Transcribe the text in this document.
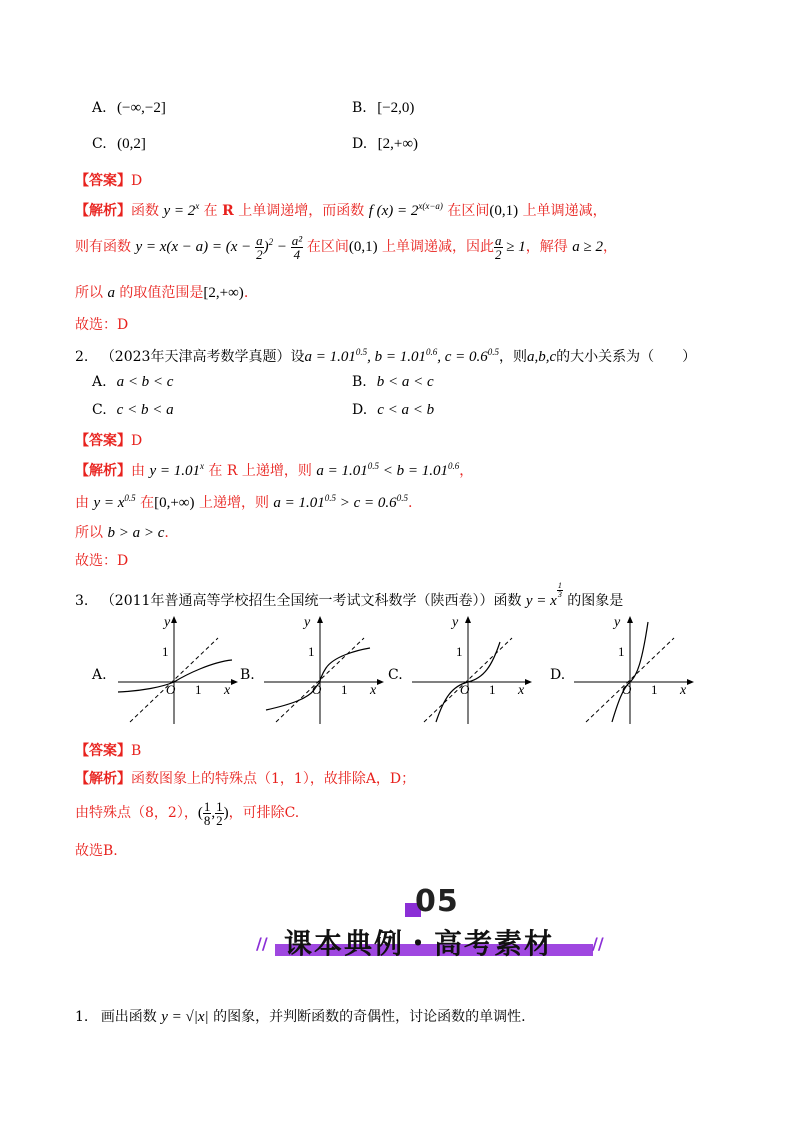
A. (−∞,−2]	B. [−2,0)
C. (0,2]	D. [2,+∞)
【答案】D
【解析】函数 $y = 2^x$ 在 R 上单调递增，而函数 f $(x) = 2^{x(x-a)}$ 在区间(0,1) 上单调递减，
则有函数 $y = x(x - a) = (x - \frac{a}{2} )^2 - \frac{\text{a²}}{4}$ 在区间(0,1) 上单调递减，因此 $\frac{a}{2} \ge 1$，解得 a ≥ 2，
所以 a 的取值范围是[2,+∞).
故选：D
2. （2023年天津高考数学真题）设$a = 1.01^{0.5}$, $b = 1.01^{0.6}$, $c = 0.6^{0.5}$，则a,b,c的大小关系为（　　）
A. a < b < c	B. b < a < c
C. c < b < a	D. c < a < b
【答案】D
【解析】由 $y = 1.01^x$ 在 R 上递增，则 $a = 1.01^{0.5} < b = 1.01^{0.6}$，
由 $y = x^{0.5}$ 在[0,+∞) 上递增，则 $a = 1.01^{0.5} > c = 0.6^{0.5}$.
所以 b > a > c.
故选：D
3. （2011年普通高等学校招生全国统一考试文科数学（陕西卷））函数 y = x
$^{\frac{1}{3}}$
的图象是
A.	B.	C.	D.
O 1
1
x
y
O 1
1
x
y
O 1
1
x
y
O 1
1
x
y
【答案】B
【解析】函数图象上的特殊点（1，1），故排除A，D；
由特殊点（8，2），( $\frac{1}{8}$ , $\frac{1}{2}$ )，可排除C.
故选B.
05
//	//
课本典例・高考素材
1. 画出函数 y = √|x| 的图象，并判断函数的奇偶性，讨论函数的单调性.
